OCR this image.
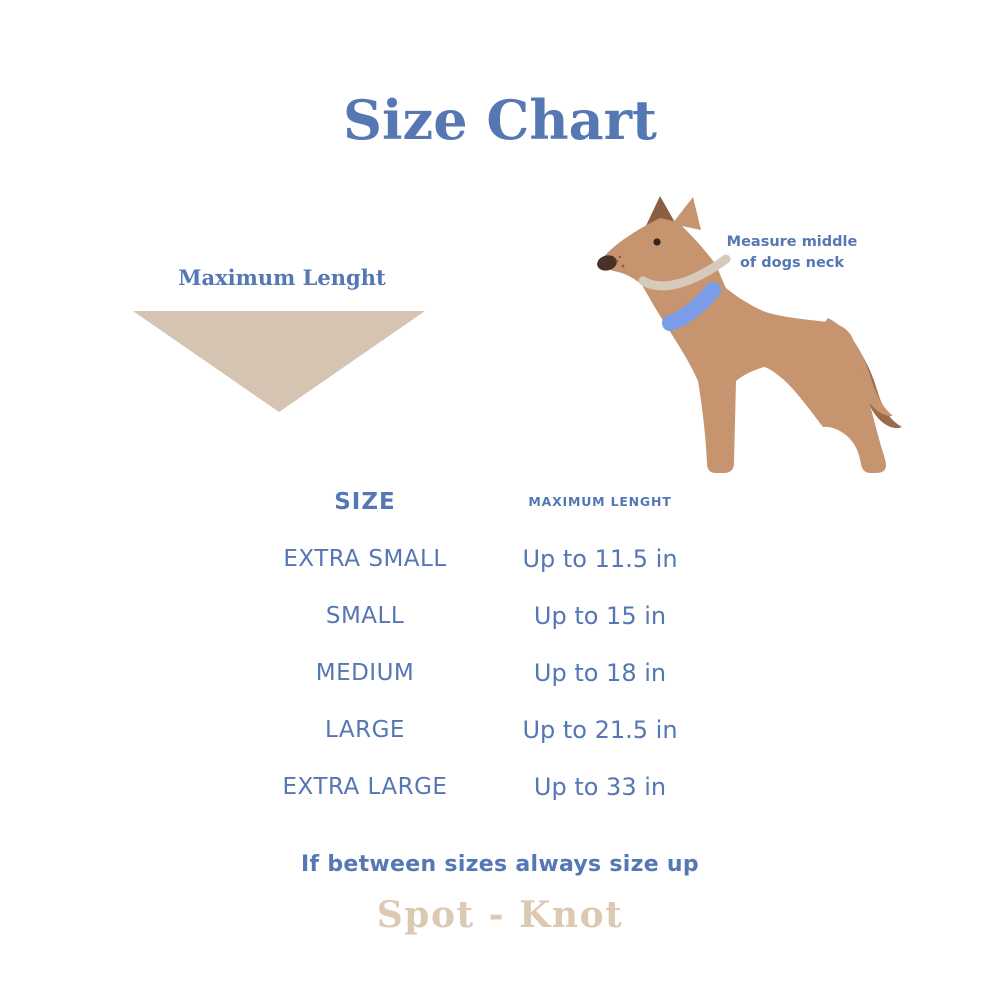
Size Chart
Maximum Lenght
Measure middle
of dogs neck
SIZE	MAXIMUM LENGHT
EXTRA SMALL	Up to 11.5 in
SMALL	Up to 15 in
MEDIUM	Up to 18 in
LARGE	Up to 21.5 in
EXTRA LARGE	Up to 33 in
If between sizes always size up
Spot - Knot
